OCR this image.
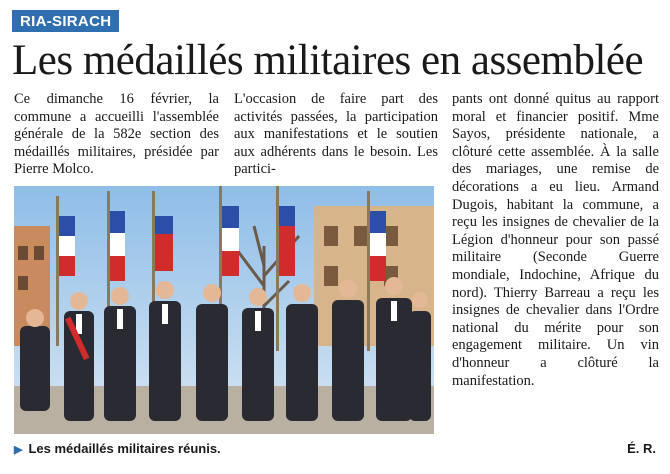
RIA-SIRACH
Les médaillés militaires en assemblée

Ce dimanche 16 février, la commune a accueilli l'assemblée générale de la 582e section des médaillés militaires, présidée par Pierre Molco.

L'occasion de faire part des activités passées, la participation aux manifestations et le soutien aux adhérents dans le besoin. Les partici-

pants ont donné quitus au rapport moral et financier positif. Mme Sayos, présidente nationale, a clôturé cette assemblée. À la salle des mariages, une remise de décorations a eu lieu. Armand Dugois, habitant la commune, a reçu les insignes de chevalier de la Légion d'honneur pour son passé militaire (Seconde Guerre mondiale, Indochine, Afrique du nord). Thierry Barreau a reçu les insignes de chevalier dans l'Ordre national du mérite pour son engagement militaire. Un vin d'honneur a clôturé la manifestation.

▶ Les médaillés militaires réunis.	É. R.
